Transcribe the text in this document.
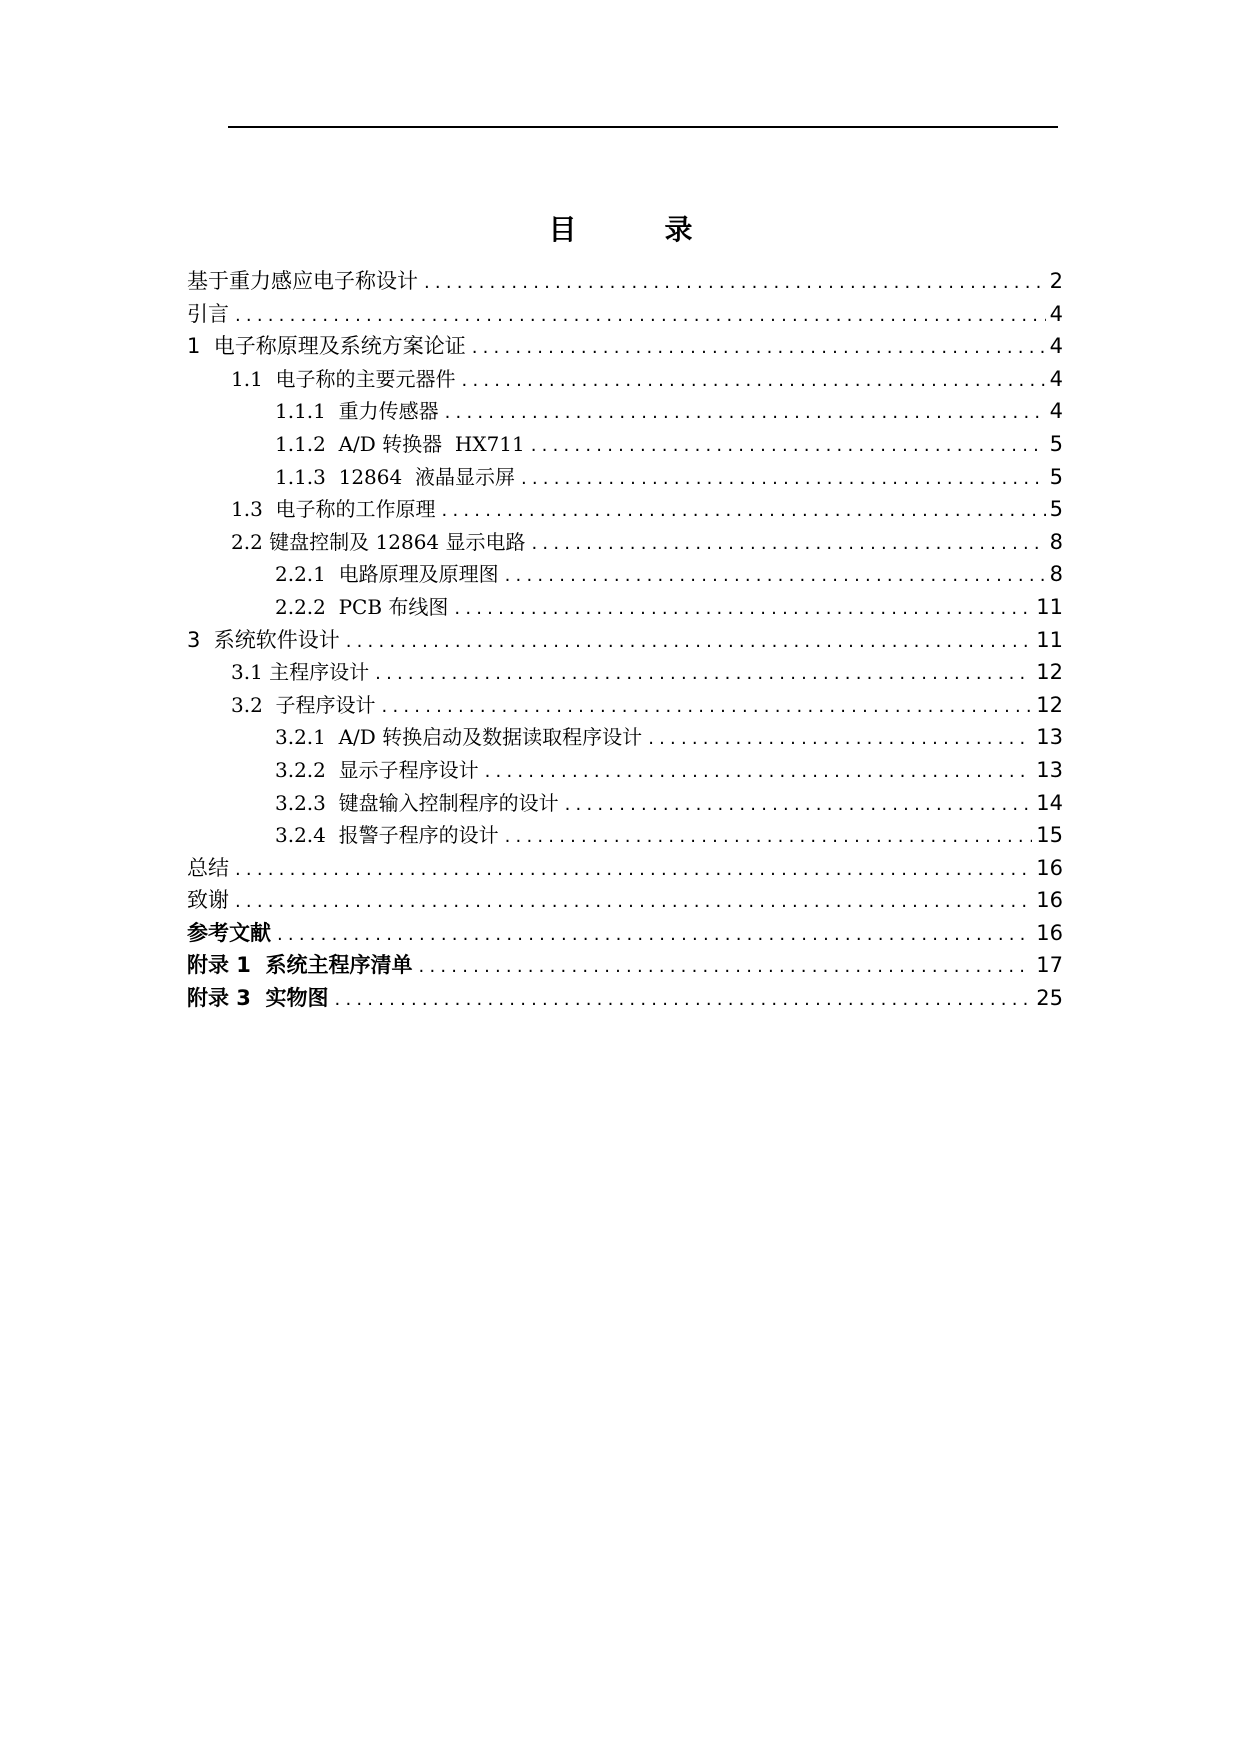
目　录
基于重力感应电子称设计 .....	2
引言 .....	4
1  电子称原理及系统方案论证 .....	4
1.1  电子称的主要元器件 .....	4
1.1.1  重力传感器 .....	4
1.1.2  A/D 转换器  HX711 .....	5
1.1.3  12864  液晶显示屏 .....	5
1.3  电子称的工作原理 .....	5
2.2 键盘控制及 12864 显示电路 .....	8
2.2.1  电路原理及原理图 .....	8
2.2.2  PCB 布线图 .....	11
3  系统软件设计 .....	11
3.1 主程序设计 .....	12
3.2  子程序设计 .....	12
3.2.1  A/D 转换启动及数据读取程序设计 .....	13
3.2.2  显示子程序设计 .....	13
3.2.3  键盘输入控制程序的设计 .....	14
3.2.4  报警子程序的设计 .....	15
总结 .....	16
致谢 .....	16
参考文献 .....	16
附录 1  系统主程序清单 .....	17
附录 3  实物图 .....	25
